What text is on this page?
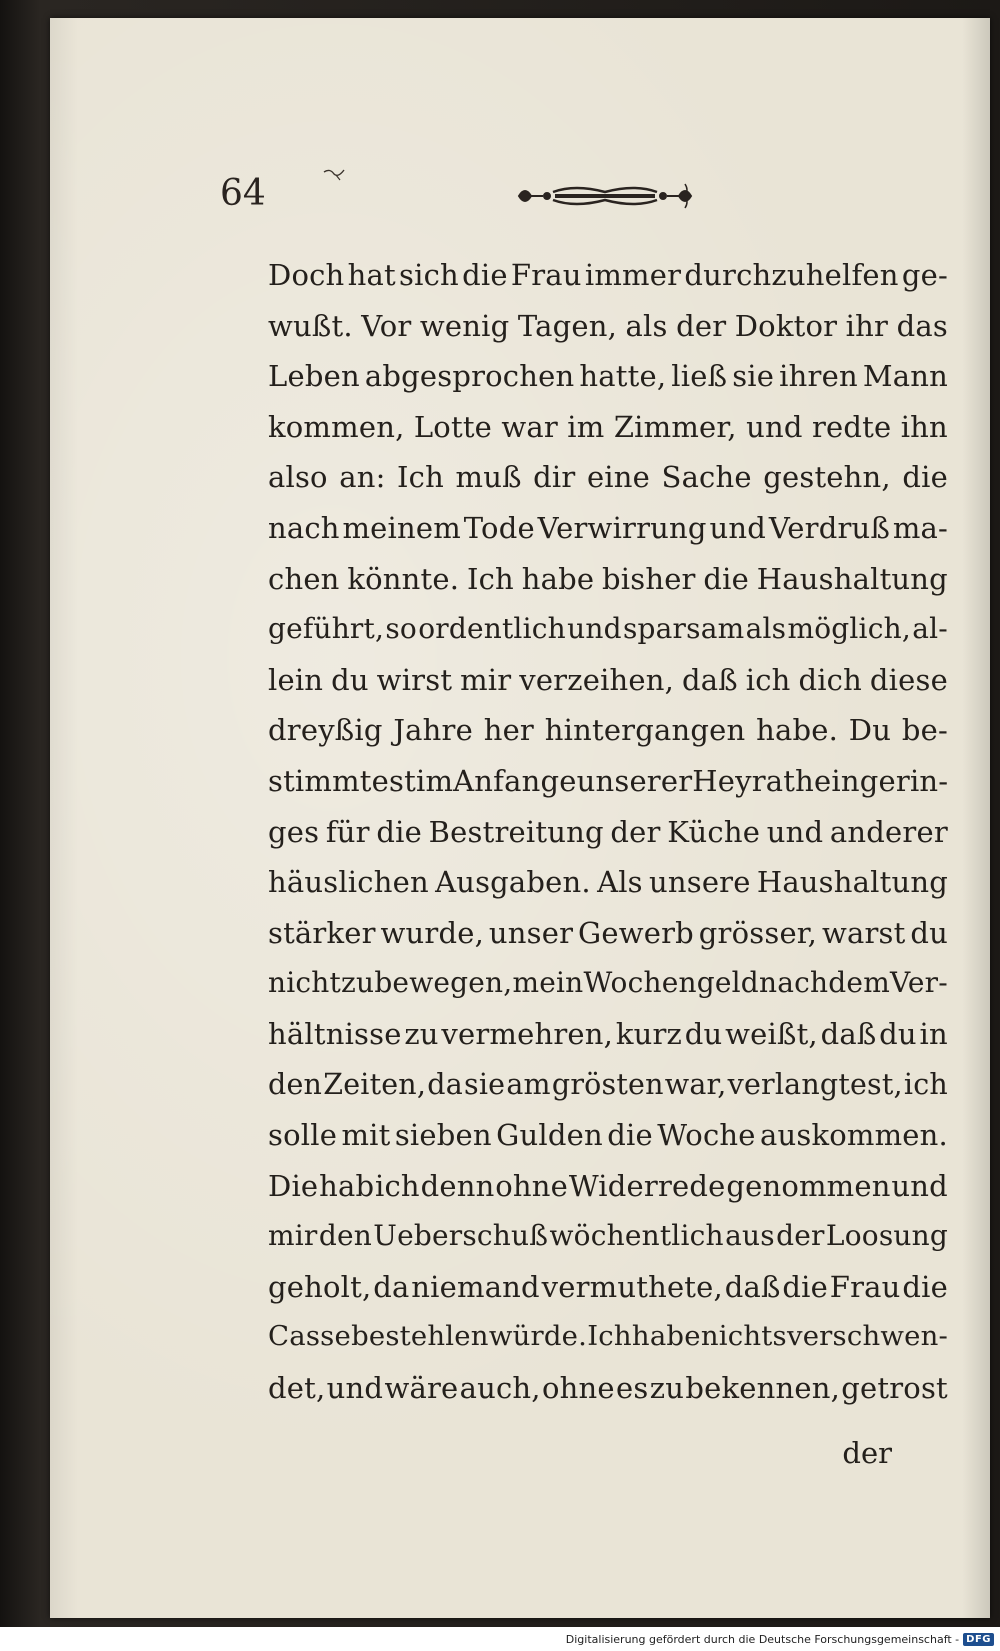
64
Doch hat sich die Frau immer durchzuhelfen ge-
wußt. Vor wenig Tagen, als der Doktor ihr das
Leben abgesprochen hatte, ließ sie ihren Mann
kommen, Lotte war im Zimmer, und redte ihn
also an: Ich muß dir eine Sache gestehn, die
nach meinem Tode Verwirrung und Verdruß ma-
chen könnte. Ich habe bisher die Haushaltung
geführt, so ordentlich und sparsam als möglich, al-
lein du wirst mir verzeihen, daß ich dich diese
dreyßig Jahre her hintergangen habe. Du be-
stimmtest im Anfange unserer Heyrath ein gerin-
ges für die Bestreitung der Küche und anderer
häuslichen Ausgaben. Als unsere Haushaltung
stärker wurde, unser Gewerb grösser, warst du
nicht zu bewegen, mein Wochengeld nach dem Ver-
hältnisse zu vermehren, kurz du weißt, daß du in
den Zeiten, da sie am grösten war, verlangtest, ich
solle mit sieben Gulden die Woche auskommen.
Die hab ich denn ohne Widerrede genommen und
mir den Ueberschuß wöchentlich aus der Loosung
geholt, da niemand vermuthete, daß die Frau die
Casse bestehlen würde. Ich habe nichts verschwen-
det, und wäre auch, ohne es zu bekennen, getrost
der
Digitalisierung gefördert durch die Deutsche Forschungsgemeinschaft - DFG
